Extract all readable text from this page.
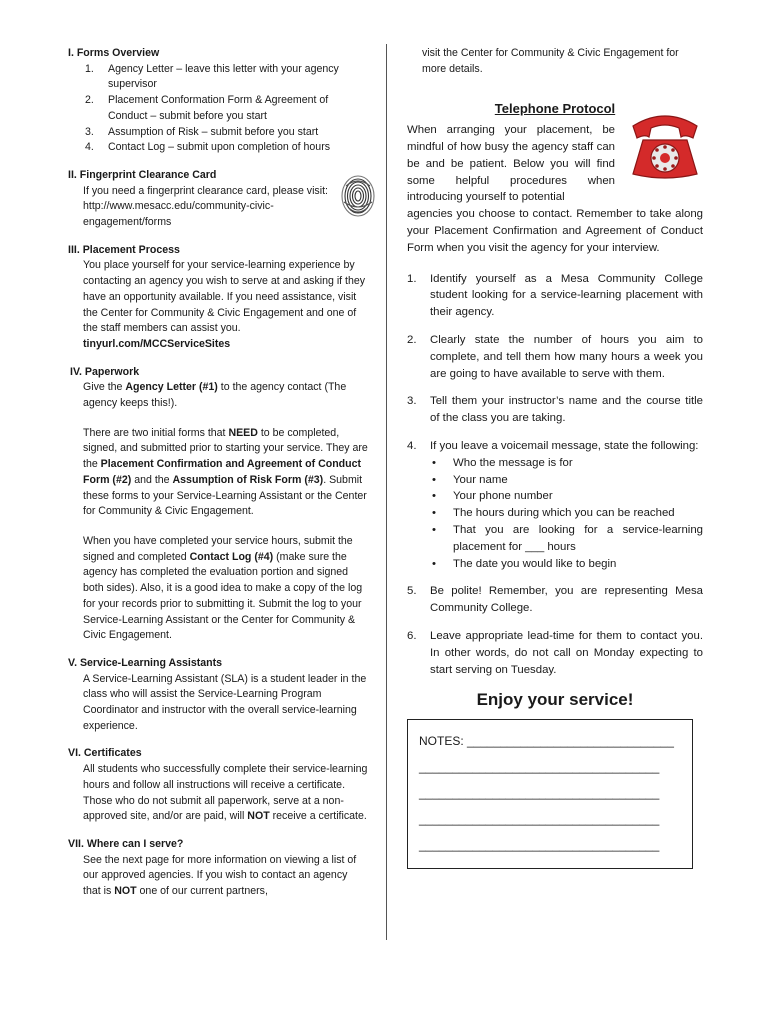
I. Forms Overview
1. Agency Letter – leave this letter with your agency supervisor
2. Placement Conformation Form & Agreement of Conduct – submit before you start
3. Assumption of Risk – submit before you start
4. Contact Log – submit upon completion of hours
II. Fingerprint Clearance Card
If you need a fingerprint clearance card, please visit: http://www.mesacc.edu/community-civic-engagement/forms
III. Placement Process
You place yourself for your service-learning experience by contacting an agency you wish to serve at and asking if they have an opportunity available. If you need assistance, visit the Center for Community & Civic Engagement and one of the staff members can assist you. tinyurl.com/MCCServiceSites
IV. Paperwork
Give the Agency Letter (#1) to the agency contact (The agency keeps this!).
There are two initial forms that NEED to be completed, signed, and submitted prior to starting your service. They are the Placement Confirmation and Agreement of Conduct Form (#2) and the Assumption of Risk Form (#3). Submit these forms to your Service-Learning Assistant or the Center for Community & Civic Engagement.
When you have completed your service hours, submit the signed and completed Contact Log (#4) (make sure the agency has completed the evaluation portion and signed both sides). Also, it is a good idea to make a copy of the log for your records prior to submitting it. Submit the log to your Service-Learning Assistant or the Center for Community & Civic Engagement.
V. Service-Learning Assistants
A Service-Learning Assistant (SLA) is a student leader in the class who will assist the Service-Learning Program Coordinator and instructor with the overall service-learning experience.
VI. Certificates
All students who successfully complete their service-learning hours and follow all instructions will receive a certificate. Those who do not submit all paperwork, serve at a non-approved site, and/or are paid, will NOT receive a certificate.
VII. Where can I serve?
See the next page for more information on viewing a list of our approved agencies. If you wish to contact an agency that is NOT one of our current partners,
visit the Center for Community & Civic Engagement for more details.
Telephone Protocol
When arranging your placement, be mindful of how busy the agency staff can be and be patient. Below you will find some helpful procedures when introducing yourself to potential
agencies you choose to contact. Remember to take along your Placement Confirmation and Agreement of Conduct Form when you visit the agency for your interview.
1. Identify yourself as a Mesa Community College student looking for a service-learning placement with their agency.
2. Clearly state the number of hours you aim to complete, and tell them how many hours a week you are going to have available to serve with them.
3. Tell them your instructor’s name and the course title of the class you are taking.
4. If you leave a voicemail message, state the following:
• Who the message is for
• Your name
• Your phone number
• The hours during which you can be reached
• That you are looking for a service-learning placement for ___ hours
• The date you would like to begin
5. Be polite! Remember, you are representing Mesa Community College.
6. Leave appropriate lead-time for them to contact you. In other words, do not call on Monday expecting to start serving on Tuesday.
Enjoy your service!
NOTES: _______________________________
____________________________________
____________________________________
____________________________________
____________________________________
